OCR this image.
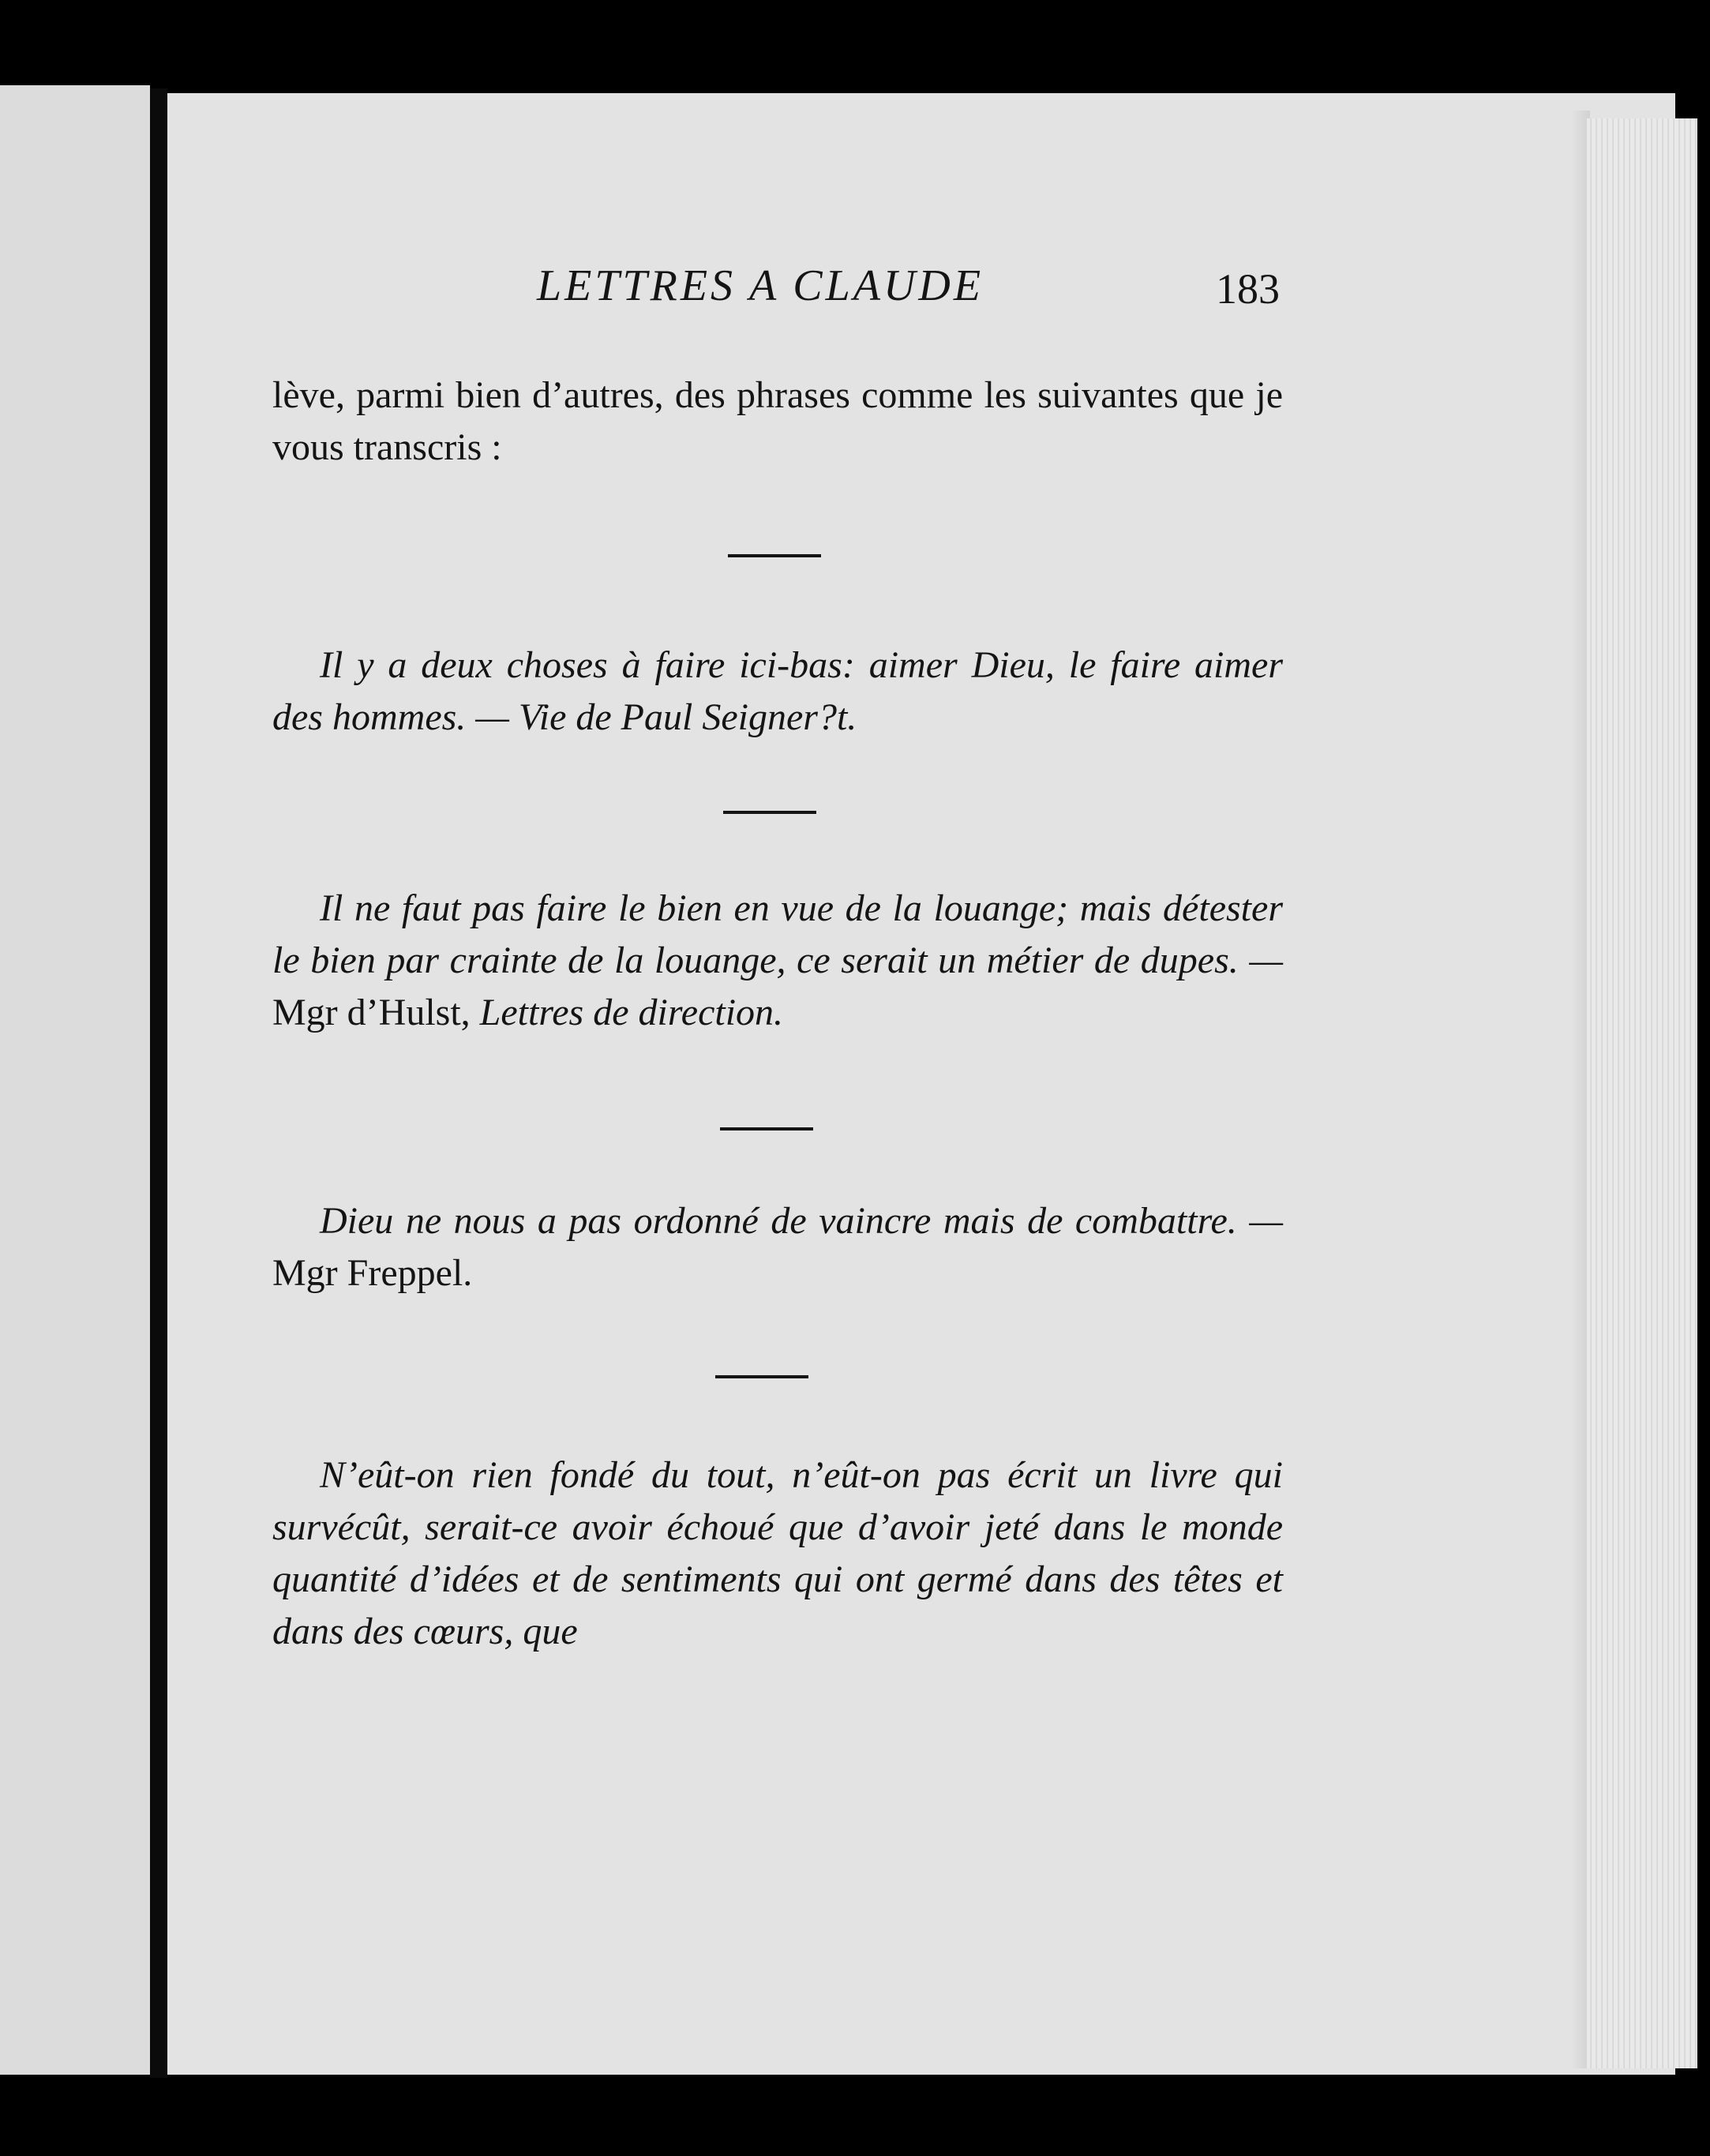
LETTRES A CLAUDE	183

lève, parmi bien d’autres, des phrases comme les suivantes que je vous transcris :

Il y a deux choses à faire ici-bas: aimer Dieu, le faire aimer des hommes. — Vie de Paul Seigner?t.

Il ne faut pas faire le bien en vue de la louange; mais détester le bien par crainte de la louange, ce serait un métier de dupes. — Mgr d’Hulst, Lettres de direction.

Dieu ne nous a pas ordonné de vaincre mais de combattre. — Mgr Freppel.

N’eût-on rien fondé du tout, n’eût-on pas écrit un livre qui survécût, serait-ce avoir échoué que d’avoir jeté dans le monde quantité d’idées et de sentiments qui ont germé dans des têtes et dans des cœurs, que
